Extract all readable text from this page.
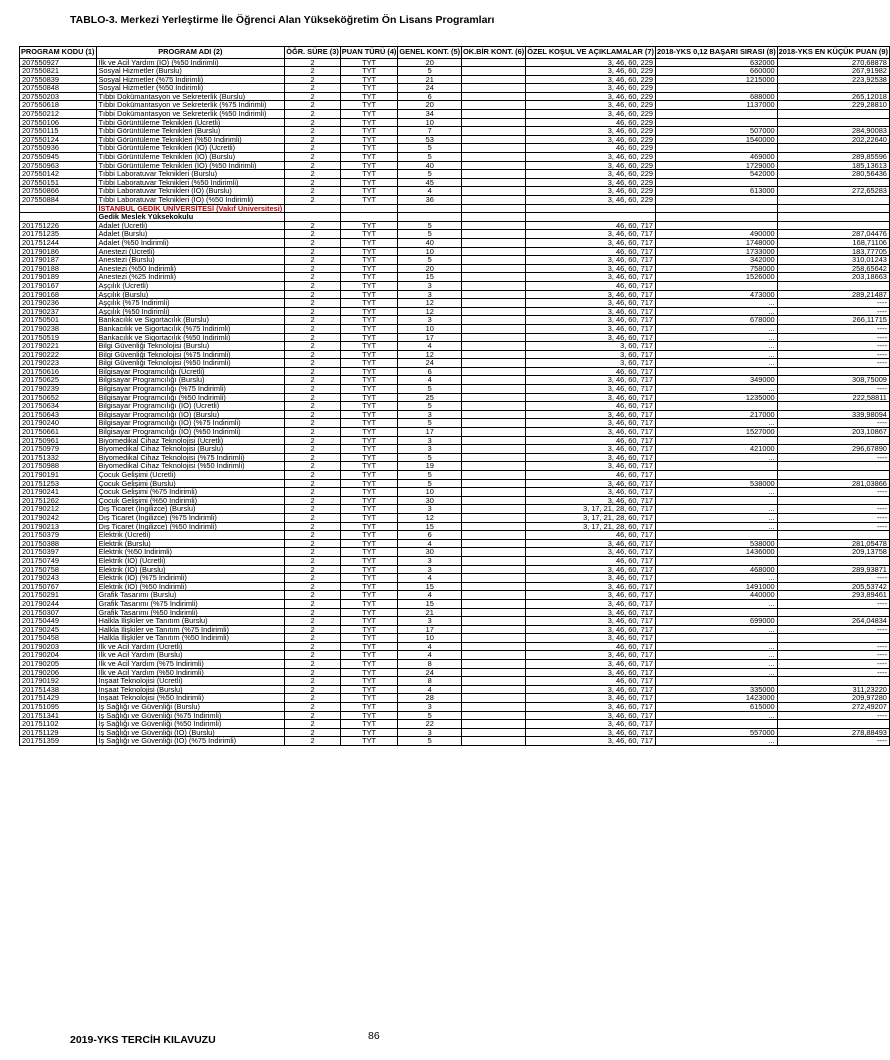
TABLO-3. Merkezi Yerleştirme İle Öğrenci Alan Yükseköğretim Ön Lisans Programları
PROGRAM KODU (1)	PROGRAM ADI (2)	ÖĞR. SÜRE (3)	PUAN TÜRÜ (4)	GENEL KONT. (5)	OK.BİR KONT. (6)	ÖZEL KOŞUL VE AÇIKLAMALAR (7)	2018-YKS 0,12 BAŞARI SIRASI (8)	2018-YKS EN KÜÇÜK PUAN (9)
207550927	İlk ve Acil Yardım (İÖ) (%50 İndirimli)	2	TYT	20		3, 46, 60, 229	632000	270,68878
207550821	Sosyal Hizmetler (Burslu)	2	TYT	5		3, 46, 60, 229	660000	267,91982
207550839	Sosyal Hizmetler (%75 İndirimli)	2	TYT	21		3, 46, 60, 229	1215000	223,92538
207550848	Sosyal Hizmetler (%50 İndirimli)	2	TYT	24		3, 46, 60, 229		
207550203	Tıbbi Dokümantasyon ve Sekreterlik (Burslu)	2	TYT	6		3, 46, 60, 229	688000	265,12018
207550618	Tıbbi Dokümantasyon ve Sekreterlik (%75 İndirimli)	2	TYT	20		3, 46, 60, 229	1137000	229,28810
207550212	Tıbbi Dokümantasyon ve Sekreterlik (%50 İndirimli)	2	TYT	34		3, 46, 60, 229		
207550106	Tıbbi Görüntüleme Teknikleri (Ücretli)	2	TYT	10		46, 60, 229		
207550115	Tıbbi Görüntüleme Teknikleri (Burslu)	2	TYT	7		3, 46, 60, 229	507000	284,90083
207550124	Tıbbi Görüntüleme Teknikleri (%50 İndirimli)	2	TYT	53		3, 46, 60, 229	1540000	202,22640
207550936	Tıbbi Görüntüleme Teknikleri (İÖ) (Ücretli)	2	TYT	5		46, 60, 229		
207550945	Tıbbi Görüntüleme Teknikleri (İÖ) (Burslu)	2	TYT	5		3, 46, 60, 229	469000	289,85596
207550963	Tıbbi Görüntüleme Teknikleri (İÖ) (%50 İndirimli)	2	TYT	40		3, 46, 60, 229	1729000	185,13613
207550142	Tıbbi Laboratuvar Teknikleri (Burslu)	2	TYT	5		3, 46, 60, 229	542000	280,56436
207550151	Tıbbi Laboratuvar Teknikleri (%50 İndirimli)	2	TYT	45		3, 46, 60, 229		
207550866	Tıbbi Laboratuvar Teknikleri (İÖ) (Burslu)	2	TYT	4		3, 46, 60, 229	613000	272,65283
207550884	Tıbbi Laboratuvar Teknikleri (İÖ) (%50 İndirimli)	2	TYT	36		3, 46, 60, 229		
	İSTANBUL GEDİK ÜNİVERSİTESİ (Vakıf Üniversitesi)							
	Gedik Meslek Yüksekokulu							
201751226	Adalet (Ücretli)	2	TYT	5		46, 60, 717		
201751235	Adalet (Burslu)	2	TYT	5		3, 46, 60, 717	490000	287,04476
201751244	Adalet (%50 İndirimli)	2	TYT	40		3, 46, 60, 717	1748000	168,71106
201790186	Anestezi (Ücretli)	2	TYT	10		46, 60, 717	1733000	183,77705
201790187	Anestezi (Burslu)	2	TYT	5		3, 46, 60, 717	342000	310,01243
201790188	Anestezi (%50 İndirimli)	2	TYT	20		3, 46, 60, 717	758000	258,65642
201790189	Anestezi (%25 İndirimli)	2	TYT	15		3, 46, 60, 717	1526000	203,18663
201790167	Aşçılık (Ücretli)	2	TYT	3		46, 60, 717		
201790168	Aşçılık (Burslu)	2	TYT	3		3, 46, 60, 717	473000	289,21487
201790236	Aşçılık (%75 İndirimli)	2	TYT	12		3, 46, 60, 717	...	----
201790237	Aşçılık (%50 İndirimli)	2	TYT	12		3, 46, 60, 717	...	----
201750501	Bankacılık ve Sigortacılık (Burslu)	2	TYT	3		3, 46, 60, 717	678000	266,11715
201790238	Bankacılık ve Sigortacılık (%75 İndirimli)	2	TYT	10		3, 46, 60, 717	...	----
201750519	Bankacılık ve Sigortacılık (%50 İndirimli)	2	TYT	17		3, 46, 60, 717	...	----
201790221	Bilgi Güvenliği Teknolojisi (Burslu)	2	TYT	4		3, 60, 717	...	----
201790222	Bilgi Güvenliği Teknolojisi (%75 İndirimli)	2	TYT	12		3, 60, 717	...	----
201790223	Bilgi Güvenliği Teknolojisi (%50 İndirimli)	2	TYT	24		3, 60, 717	...	----
201750616	Bilgisayar Programcılığı (Ücretli)	2	TYT	6		46, 60, 717		
201750625	Bilgisayar Programcılığı (Burslu)	2	TYT	4		3, 46, 60, 717	349000	308,75009
201790239	Bilgisayar Programcılığı (%75 İndirimli)	2	TYT	5		3, 46, 60, 717	...	----
201750652	Bilgisayar Programcılığı (%50 İndirimli)	2	TYT	25		3, 46, 60, 717	1235000	222,58811
201750634	Bilgisayar Programcılığı (İÖ) (Ücretli)	2	TYT	5		46, 60, 717		
201750643	Bilgisayar Programcılığı (İÖ) (Burslu)	2	TYT	3		3, 46, 60, 717	217000	339,98094
201790240	Bilgisayar Programcılığı (İÖ) (%75 İndirimli)	2	TYT	5		3, 46, 60, 717	...	----
201750661	Bilgisayar Programcılığı (İÖ) (%50 İndirimli)	2	TYT	17		3, 46, 60, 717	1527000	203,10867
201750961	Biyomedikal Cihaz Teknolojisi (Ücretli)	2	TYT	3		46, 60, 717		
201750979	Biyomedikal Cihaz Teknolojisi (Burslu)	2	TYT	3		3, 46, 60, 717	421000	296,67890
201751332	Biyomedikal Cihaz Teknolojisi (%75 İndirimli)	2	TYT	5		3, 46, 60, 717	...	----
201750988	Biyomedikal Cihaz Teknolojisi (%50 İndirimli)	2	TYT	19		3, 46, 60, 717		
201790191	Çocuk Gelişimi (Ücretli)	2	TYT	5		46, 60, 717		
201751253	Çocuk Gelişimi (Burslu)	2	TYT	5		3, 46, 60, 717	538000	281,03866
201790241	Çocuk Gelişimi (%75 İndirimli)	2	TYT	10		3, 46, 60, 717	...	----
201751262	Çocuk Gelişimi (%50 İndirimli)	2	TYT	30		3, 46, 60, 717		
201790212	Dış Ticaret (İngilizce) (Burslu)	2	TYT	3		3, 17, 21, 28, 60, 717	...	----
201790242	Dış Ticaret (İngilizce) (%75 İndirimli)	2	TYT	12		3, 17, 21, 28, 60, 717	...	----
201790213	Dış Ticaret (İngilizce) (%50 İndirimli)	2	TYT	15		3, 17, 21, 28, 60, 717	...	----
201750379	Elektrik (Ücretli)	2	TYT	6		46, 60, 717		
201750388	Elektrik (Burslu)	2	TYT	4		3, 46, 60, 717	538000	281,05478
201750397	Elektrik (%50 İndirimli)	2	TYT	30		3, 46, 60, 717	1436000	209,13758
201750749	Elektrik (İÖ) (Ücretli)	2	TYT	3		46, 60, 717		
201750758	Elektrik (İÖ) (Burslu)	2	TYT	3		3, 46, 60, 717	468000	289,93871
201790243	Elektrik (İÖ) (%75 İndirimli)	2	TYT	4		3, 46, 60, 717	...	----
201750767	Elektrik (İÖ) (%50 İndirimli)	2	TYT	15		3, 46, 60, 717	1491000	205,53742
201750291	Grafik Tasarımı (Burslu)	2	TYT	4		3, 46, 60, 717	440000	293,89461
201790244	Grafik Tasarımı (%75 İndirimli)	2	TYT	15		3, 46, 60, 717	...	----
201750307	Grafik Tasarımı (%50 İndirimli)	2	TYT	21		3, 46, 60, 717		
201750449	Halkla İlişkiler ve Tanıtım (Burslu)	2	TYT	3		3, 46, 60, 717	699000	264,04834
201790245	Halkla İlişkiler ve Tanıtım (%75 İndirimli)	2	TYT	17		3, 46, 60, 717	...	----
201750458	Halkla İlişkiler ve Tanıtım (%50 İndirimli)	2	TYT	10		3, 46, 60, 717		
201790203	İlk ve Acil Yardım (Ücretli)	2	TYT	4		46, 60, 717	...	----
201790204	İlk ve Acil Yardım (Burslu)	2	TYT	4		3, 46, 60, 717	...	----
201790205	İlk ve Acil Yardım (%75 İndirimli)	2	TYT	8		3, 46, 60, 717	...	----
201790206	İlk ve Acil Yardım (%50 İndirimli)	2	TYT	24		3, 46, 60, 717	...	----
201790192	İnşaat Teknolojisi (Ücretli)	2	TYT	8		46, 60, 717		
201751438	İnşaat Teknolojisi (Burslu)	2	TYT	4		3, 46, 60, 717	335000	311,23220
201751429	İnşaat Teknolojisi (%50 İndirimli)	2	TYT	28		3, 46, 60, 717	1423000	209,97280
201751095	İş Sağlığı ve Güvenliği (Burslu)	2	TYT	3		3, 46, 60, 717	615000	272,49207
201751341	İş Sağlığı ve Güvenliği (%75 İndirimli)	2	TYT	5		3, 46, 60, 717	...	----
201751102	İş Sağlığı ve Güvenliği (%50 İndirimli)	2	TYT	22		3, 46, 60, 717		
201751129	İş Sağlığı ve Güvenliği (İÖ) (Burslu)	2	TYT	3		3, 46, 60, 717	557000	278,88493
201751359	İş Sağlığı ve Güvenliği (İÖ) (%75 İndirimli)	2	TYT	5		3, 46, 60, 717	...	----
2019-YKS TERCİH KILAVUZU	86
